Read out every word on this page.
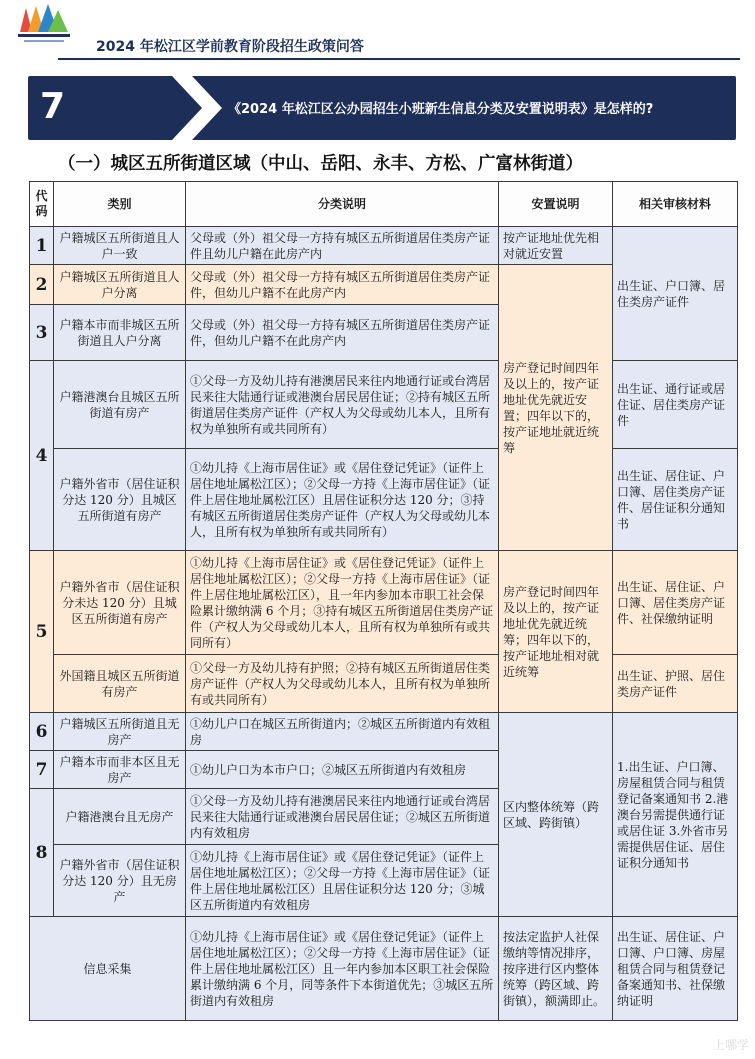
2024 年松江区学前教育阶段招生政策问答
7	《2024 年松江区公办园招生小班新生信息分类及安置说明表》是怎样的?
（一）城区五所街道区域（中山、岳阳、永丰、方松、广富林街道）
代码	类别	分类说明	安置说明	相关审核材料
1	户籍城区五所街道且人户一致	父母或（外）祖父母一方持有城区五所街道居住类房产证件且幼儿户籍在此房产内	按产证地址优先相对就近安置	出生证、户口簿、居住类房产证件
2	户籍城区五所街道且人户分离	父母或（外）祖父母一方持有城区五所街道居住类房产证件，但幼儿户籍不在此房产内	房产登记时间四年及以上的，按产证地址优先就近安置；四年以下的，按产证地址就近统筹	
3	户籍本市而非城区五所街道且人户分离	父母或（外）祖父母一方持有城区五所街道居住类房产证件，但幼儿户籍不在此房产内		
4	户籍港澳台且城区五所街道有房产	①父母一方及幼儿持有港澳居民来往内地通行证或台湾居民来往大陆通行证或港澳台居民居住证；②持有城区五所街道居住类房产证件（产权人为父母或幼儿本人，且所有权为单独所有或共同所有）		出生证、通行证或居住证、居住类房产证件
	户籍外省市（居住证积分达 120 分）且城区五所街道有房产	①幼儿持《上海市居住证》或《居住登记凭证》（证件上居住地址属松江区）；②父母一方持《上海市居住证》（证件上居住地址属松江区）且居住证积分达 120 分；③持有城区五所街道居住类房产证件（产权人为父母或幼儿本人，且所有权为单独所有或共同所有）		出生证、居住证、户口簿、居住类房产证件、居住证积分通知书
5	户籍外省市（居住证积分未达 120 分）且城区五所街道有房产	①幼儿持《上海市居住证》或《居住登记凭证》（证件上居住地址属松江区）；②父母一方持《上海市居住证》（证件上居住地址属松江区），且一年内参加本市职工社会保险累计缴纳满 6 个月；③持有城区五所街道居住类房产证件（产权人为父母或幼儿本人，且所有权为单独所有或共同所有）	房产登记时间四年及以上的，按产证地址优先就近统筹；四年以下的，按产证地址相对就近统筹	出生证、居住证、户口簿、居住类房产证件、社保缴纳证明
	外国籍且城区五所街道有房产	①父母一方及幼儿持有护照；②持有城区五所街道居住类房产证件（产权人为父母或幼儿本人，且所有权为单独所有或共同所有）		出生证、护照、居住类房产证件
6	户籍城区五所街道且无房产	①幼儿户口在城区五所街道内；②城区五所街道内有效租房	区内整体统筹（跨区域、跨街镇）	1.出生证、户口簿、房屋租赁合同与租赁登记备案通知书 2.港澳台另需提供通行证或居住证 3.外省市另需提供居住证、居住证积分通知书
7	户籍本市而非本区且无房产	①幼儿户口为本市户口；②城区五所街道内有效租房		
8	户籍港澳台且无房产	①父母一方及幼儿持有港澳居民来往内地通行证或台湾居民来往大陆通行证或港澳台居民居住证；②城区五所街道内有效租房		
	户籍外省市（居住证积分达 120 分）且无房产	①幼儿持《上海市居住证》或《居住登记凭证》（证件上居住地址属松江区）；②父母一方持《上海市居住证》（证件上居住地址属松江区）且居住证积分达 120 分；③城区五所街道内有效租房		
信息采集		①幼儿持《上海市居住证》或《居住登记凭证》（证件上居住地址属松江区）；②父母一方持《上海市居住证》（证件上居住地址属松江区）且一年内参加本区职工社会保险累计缴纳满 6 个月，同等条件下本街道优先；③城区五所街道内有效租房	按法定监护人社保缴纳等情况排序，按序进行区内整体统筹（跨区域、跨街镇），额满即止。	出生证、居住证、户口簿、户口簿、房屋租赁合同与租赁登记备案通知书、社保缴纳证明
上哪学
